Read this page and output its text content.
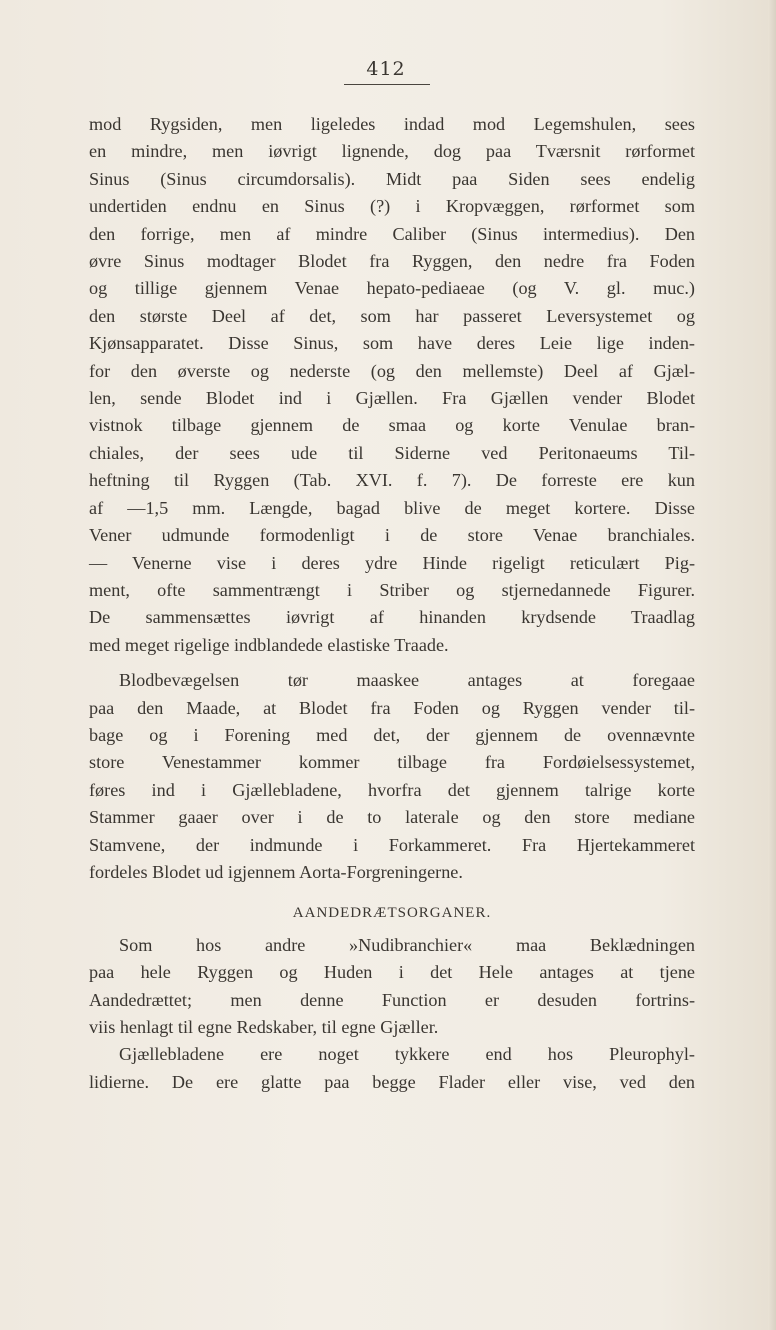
412
mod Rygsiden, men ligeledes indad mod Legemshulen, sees
en mindre, men iøvrigt lignende, dog paa Tværsnit rørformet
Sinus (Sinus circumdorsalis). Midt paa Siden sees endelig
undertiden endnu en Sinus (?) i Kropvæggen, rørformet som
den forrige, men af mindre Caliber (Sinus intermedius). Den
øvre Sinus modtager Blodet fra Ryggen, den nedre fra Foden
og tillige gjennem Venae hepato-pediaeae (og V. gl. muc.)
den største Deel af det, som har passeret Leversystemet og
Kjønsapparatet. Disse Sinus, som have deres Leie lige inden-
for den øverste og nederste (og den mellemste) Deel af Gjæl-
len, sende Blodet ind i Gjællen. Fra Gjællen vender Blodet
vistnok tilbage gjennem de smaa og korte Venulae bran-
chiales, der sees ude til Siderne ved Peritonaeums Til-
heftning til Ryggen (Tab. XVI. f. 7). De forreste ere kun
af —1,5 mm. Længde, bagad blive de meget kortere. Disse
Vener udmunde formodenligt i de store Venae branchiales.
— Venerne vise i deres ydre Hinde rigeligt reticulært Pig-
ment, ofte sammentrængt i Striber og stjernedannede Figurer.
De sammensættes iøvrigt af hinanden krydsende Traadlag
med meget rigelige indblandede elastiske Traade.
Blodbevægelsen tør maaskee antages at foregaae
paa den Maade, at Blodet fra Foden og Ryggen vender til-
bage og i Forening med det, der gjennem de ovennævnte
store Venestammer kommer tilbage fra Fordøielsessystemet,
føres ind i Gjællebladene, hvorfra det gjennem talrige korte
Stammer gaaer over i de to laterale og den store mediane
Stamvene, der indmunde i Forkammeret. Fra Hjertekammeret
fordeles Blodet ud igjennem Aorta-Forgreningerne.
AANDEDRÆTSORGANER.
Som hos andre »Nudibranchier« maa Beklædningen
paa hele Ryggen og Huden i det Hele antages at tjene
Aandedrættet; men denne Function er desuden fortrins-
viis henlagt til egne Redskaber, til egne Gjæller.
Gjællebladene ere noget tykkere end hos Pleurophyl-
lidierne. De ere glatte paa begge Flader eller vise, ved den
